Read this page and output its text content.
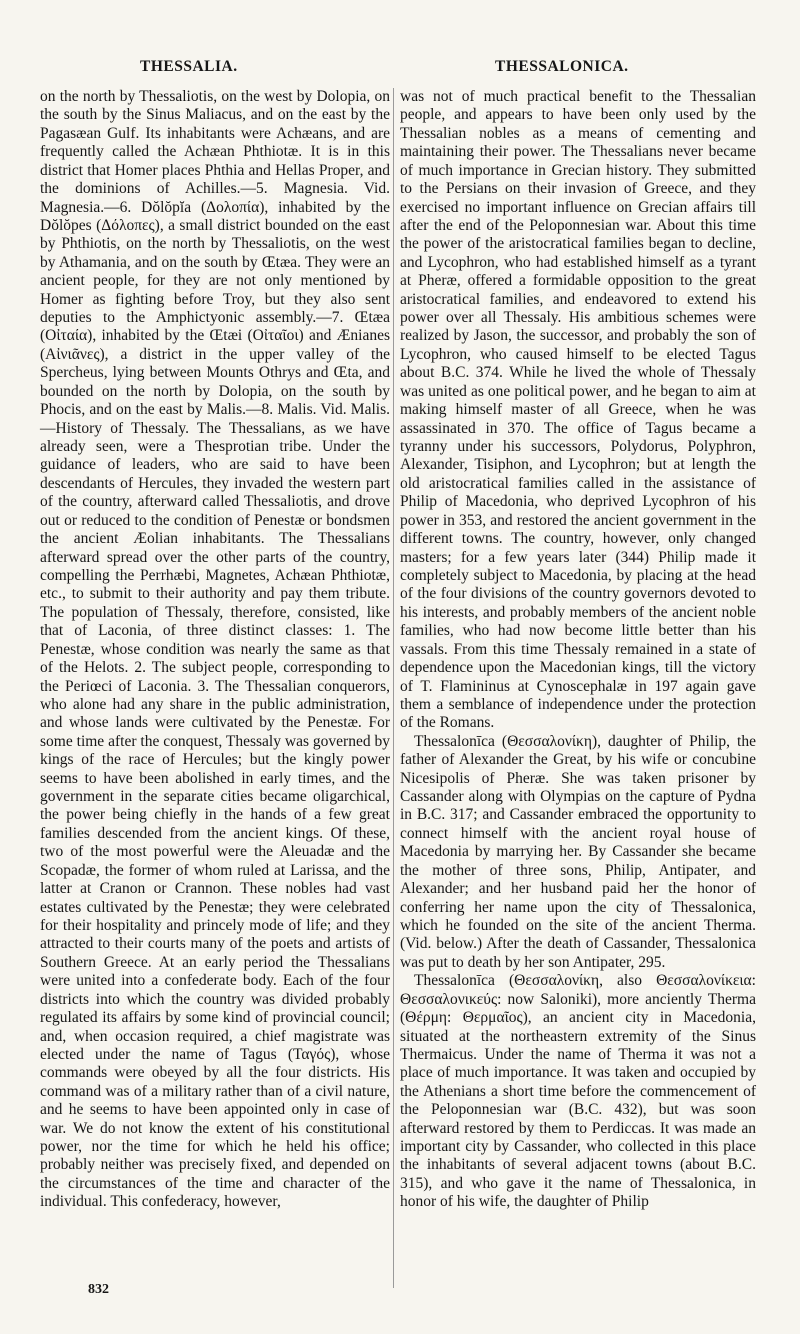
THESSALIA.	THESSALONICA.

on the north by Thessaliotis, on the west by Dolopia, on the south by the Sinus Maliacus, and on the east by the Pagasæan Gulf. Its inhabitants were Achæans, and are frequently called the Achæan Phthiotæ. It is in this district that Homer places Phthia and Hellas Proper, and the dominions of Achilles.—5. Magnesia. Vid. Magnesia.—6. Dŏlŏpĭa (Δολοπία), inhabited by the Dŏlŏpes (Δόλοπες), a small district bounded on the east by Phthiotis, on the north by Thessaliotis, on the west by Athamania, and on the south by Œtæa. They were an ancient people, for they are not only mentioned by Homer as fighting before Troy, but they also sent deputies to the Amphictyonic assembly.—7. Œtæa (Οἰταία), inhabited by the Œtæi (Οἰταῖοι) and Ænianes (Αἰνιᾶνες), a district in the upper valley of the Spercheus, lying between Mounts Othrys and Œta, and bounded on the north by Dolopia, on the south by Phocis, and on the east by Malis.—8. Malis. Vid. Malis.—History of Thessaly. The Thessalians, as we have already seen, were a Thesprotian tribe. Under the guidance of leaders, who are said to have been descendants of Hercules, they invaded the western part of the country, afterward called Thessaliotis, and drove out or reduced to the condition of Penestæ or bondsmen the ancient Æolian inhabitants. The Thessalians afterward spread over the other parts of the country, compelling the Perrhæbi, Magnetes, Achæan Phthiotæ, etc., to submit to their authority and pay them tribute. The population of Thessaly, therefore, consisted, like that of Laconia, of three distinct classes: 1. The Penestæ, whose condition was nearly the same as that of the Helots. 2. The subject people, corresponding to the Periœci of Laconia. 3. The Thessalian conquerors, who alone had any share in the public administration, and whose lands were cultivated by the Penestæ. For some time after the conquest, Thessaly was governed by kings of the race of Hercules; but the kingly power seems to have been abolished in early times, and the government in the separate cities became oligarchical, the power being chiefly in the hands of a few great families descended from the ancient kings. Of these, two of the most powerful were the Aleuadæ and the Scopadæ, the former of whom ruled at Larissa, and the latter at Cranon or Crannon. These nobles had vast estates cultivated by the Penestæ; they were celebrated for their hospitality and princely mode of life; and they attracted to their courts many of the poets and artists of Southern Greece. At an early period the Thessalians were united into a confederate body. Each of the four districts into which the country was divided probably regulated its affairs by some kind of provincial council; and, when occasion required, a chief magistrate was elected under the name of Tagus (Ταγός), whose commands were obeyed by all the four districts. His command was of a military rather than of a civil nature, and he seems to have been appointed only in case of war. We do not know the extent of his constitutional power, nor the time for which he held his office; probably neither was precisely fixed, and depended on the circumstances of the time and character of the individual. This confederacy, however,

was not of much practical benefit to the Thessalian people, and appears to have been only used by the Thessalian nobles as a means of cementing and maintaining their power. The Thessalians never became of much importance in Grecian history. They submitted to the Persians on their invasion of Greece, and they exercised no important influence on Grecian affairs till after the end of the Peloponnesian war. About this time the power of the aristocratical families began to decline, and Lycophron, who had established himself as a tyrant at Pheræ, offered a formidable opposition to the great aristocratical families, and endeavored to extend his power over all Thessaly. His ambitious schemes were realized by Jason, the successor, and probably the son of Lycophron, who caused himself to be elected Tagus about B.C. 374. While he lived the whole of Thessaly was united as one political power, and he began to aim at making himself master of all Greece, when he was assassinated in 370. The office of Tagus became a tyranny under his successors, Polydorus, Polyphron, Alexander, Tisiphon, and Lycophron; but at length the old aristocratical families called in the assistance of Philip of Macedonia, who deprived Lycophron of his power in 353, and restored the ancient government in the different towns. The country, however, only changed masters; for a few years later (344) Philip made it completely subject to Macedonia, by placing at the head of the four divisions of the country governors devoted to his interests, and probably members of the ancient noble families, who had now become little better than his vassals. From this time Thessaly remained in a state of dependence upon the Macedonian kings, till the victory of T. Flamininus at Cynoscephalæ in 197 again gave them a semblance of independence under the protection of the Romans.

Thessalonīca (Θεσσαλονίκη), daughter of Philip, the father of Alexander the Great, by his wife or concubine Nicesipolis of Pheræ. She was taken prisoner by Cassander along with Olympias on the capture of Pydna in B.C. 317; and Cassander embraced the opportunity to connect himself with the ancient royal house of Macedonia by marrying her. By Cassander she became the mother of three sons, Philip, Antipater, and Alexander; and her husband paid her the honor of conferring her name upon the city of Thessalonica, which he founded on the site of the ancient Therma. (Vid. below.) After the death of Cassander, Thessalonica was put to death by her son Antipater, 295.

Thessalonīca (Θεσσαλονίκη, also Θεσσαλονίκεια: Θεσσαλονικεύς: now Saloniki), more anciently Therma (Θέρμη: Θερμαῖος), an ancient city in Macedonia, situated at the northeastern extremity of the Sinus Thermaicus. Under the name of Therma it was not a place of much importance. It was taken and occupied by the Athenians a short time before the commencement of the Peloponnesian war (B.C. 432), but was soon afterward restored by them to Perdiccas. It was made an important city by Cassander, who collected in this place the inhabitants of several adjacent towns (about B.C. 315), and who gave it the name of Thessalonica, in honor of his wife, the daughter of Philip

832
